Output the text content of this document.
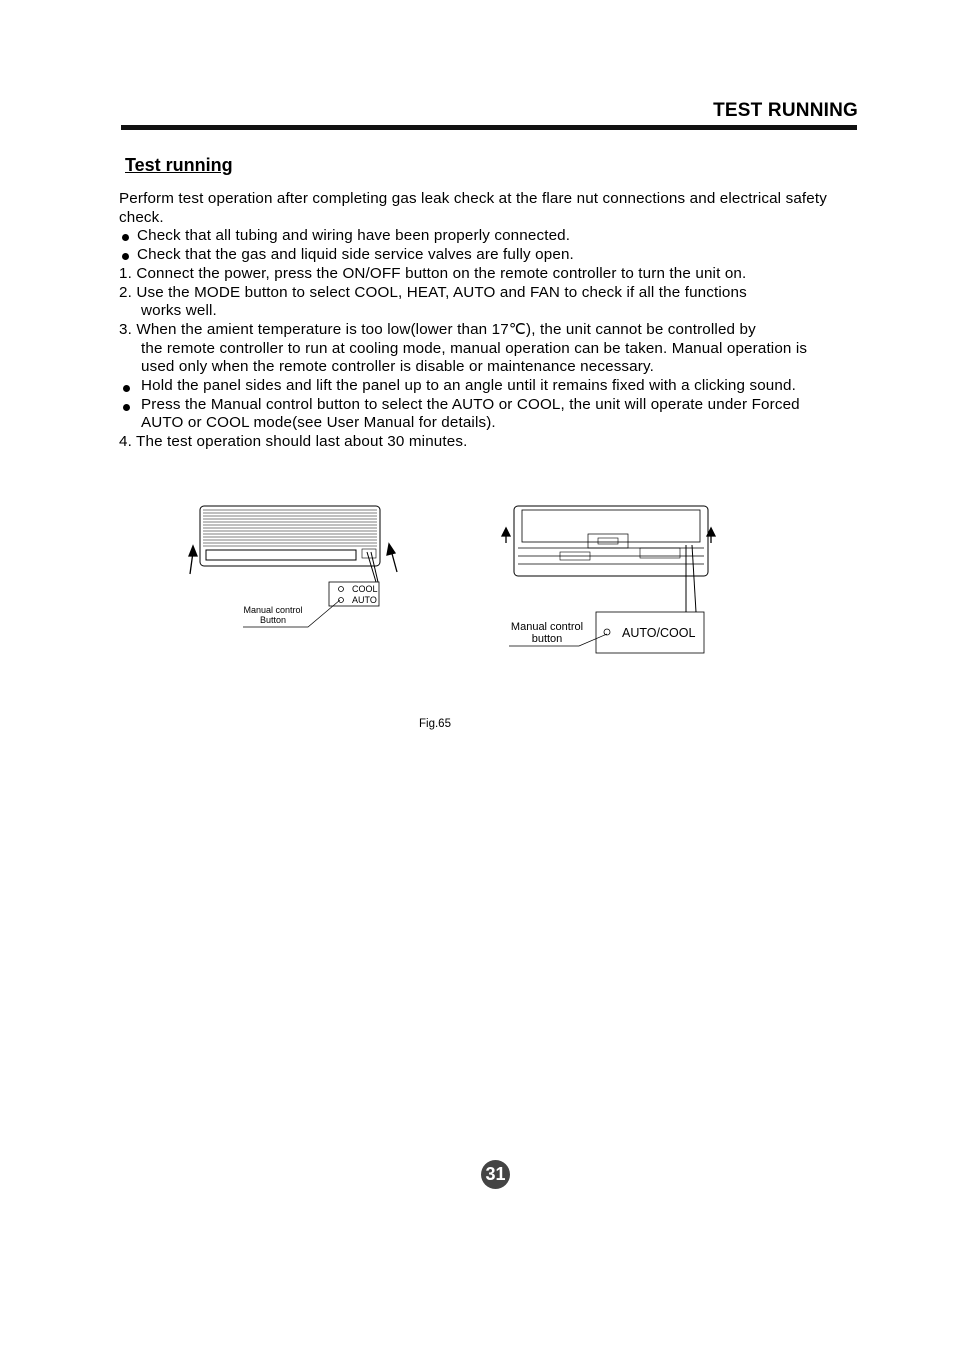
TEST RUNNING
Test running

Perform test operation after completing gas leak check at the flare nut connections and electrical safety check.

Check that all tubing and wiring have been properly connected.

Check that the gas and liquid side service valves are fully open.

1. Connect the power, press the ON/OFF button on the remote controller to turn the unit on.

2. Use the MODE button to select COOL, HEAT, AUTO and FAN to check if all the functions

works well.

3. When the amient temperature is too low(lower than 17℃), the unit cannot be controlled by

the remote controller to run at cooling mode, manual operation can be taken. Manual operation is used only when the remote controller is disable or maintenance necessary.

Hold the panel sides and lift the panel up to an angle until it remains fixed with a clicking sound.

Press the Manual control button to select the AUTO or COOL, the unit will operate under Forced AUTO or COOL mode(see User Manual for details).

4. The test operation should last about 30 minutes.

COOL
AUTO
Manual control
Button
AUTO/COOL
Manual control
button
Fig.65
31
